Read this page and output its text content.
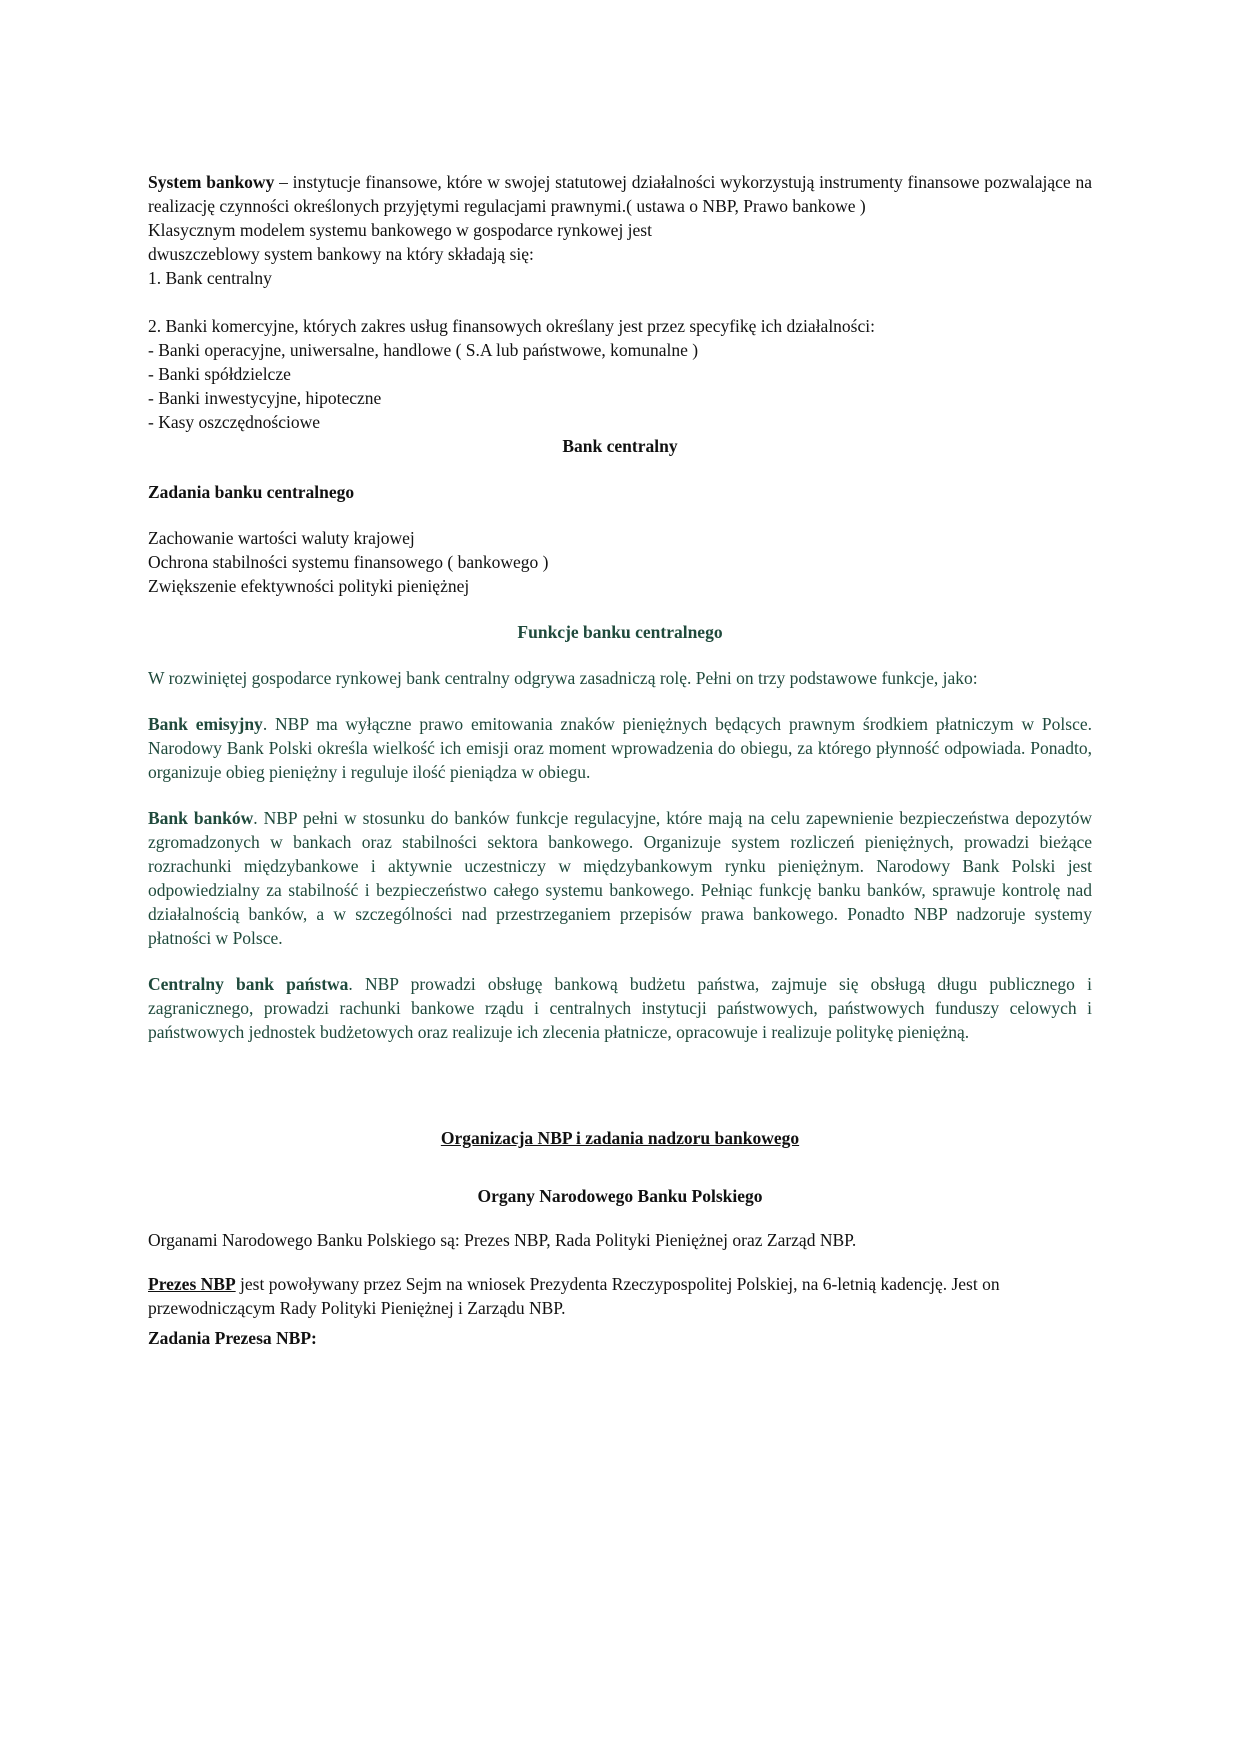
System bankowy – instytucje finansowe, które w swojej statutowej działalności wykorzystują instrumenty finansowe pozwalające na realizację czynności określonych przyjętymi regulacjami prawnymi.( ustawa o NBP, Prawo bankowe )

Klasycznym modelem systemu bankowego w gospodarce rynkowej jest

dwuszczeblowy system bankowy na który składają się:

1. Bank centralny

2. Banki komercyjne, których zakres usług finansowych określany jest przez specyfikę ich działalności:

- Banki operacyjne, uniwersalne, handlowe ( S.A lub państwowe, komunalne )

- Banki spółdzielcze

- Banki inwestycyjne, hipoteczne

- Kasy oszczędnościowe

Bank centralny

Zadania banku centralnego

Zachowanie wartości waluty krajowej

Ochrona stabilności systemu finansowego ( bankowego )

Zwiększenie efektywności polityki pieniężnej

Funkcje banku centralnego

W rozwiniętej gospodarce rynkowej bank centralny odgrywa zasadniczą rolę. Pełni on trzy podstawowe funkcje, jako:

Bank emisyjny. NBP ma wyłączne prawo emitowania znaków pieniężnych będących prawnym środkiem płatniczym w Polsce. Narodowy Bank Polski określa wielkość ich emisji oraz moment wprowadzenia do obiegu, za którego płynność odpowiada. Ponadto, organizuje obieg pieniężny i reguluje ilość pieniądza w obiegu.

Bank banków. NBP pełni w stosunku do banków funkcje regulacyjne, które mają na celu zapewnienie bezpieczeństwa depozytów zgromadzonych w bankach oraz stabilności sektora bankowego. Organizuje system rozliczeń pieniężnych, prowadzi bieżące rozrachunki międzybankowe i aktywnie uczestniczy w międzybankowym rynku pieniężnym. Narodowy Bank Polski jest odpowiedzialny za stabilność i bezpieczeństwo całego systemu bankowego. Pełniąc funkcję banku banków, sprawuje kontrolę nad działalnością banków, a w szczególności nad przestrzeganiem przepisów prawa bankowego. Ponadto NBP nadzoruje systemy płatności w Polsce.

Centralny bank państwa. NBP prowadzi obsługę bankową budżetu państwa, zajmuje się obsługą długu publicznego i zagranicznego, prowadzi rachunki bankowe rządu i centralnych instytucji państwowych, państwowych funduszy celowych i państwowych jednostek budżetowych oraz realizuje ich zlecenia płatnicze, opracowuje i realizuje politykę pieniężną.

Organizacja NBP i zadania nadzoru bankowego

Organy Narodowego Banku Polskiego

Organami Narodowego Banku Polskiego są: Prezes NBP, Rada Polityki Pieniężnej oraz Zarząd NBP.

Prezes NBP jest powoływany przez Sejm na wniosek Prezydenta Rzeczypospolitej Polskiej, na 6-letnią kadencję. Jest on przewodniczącym Rady Polityki Pieniężnej i Zarządu NBP.

Zadania Prezesa NBP:
